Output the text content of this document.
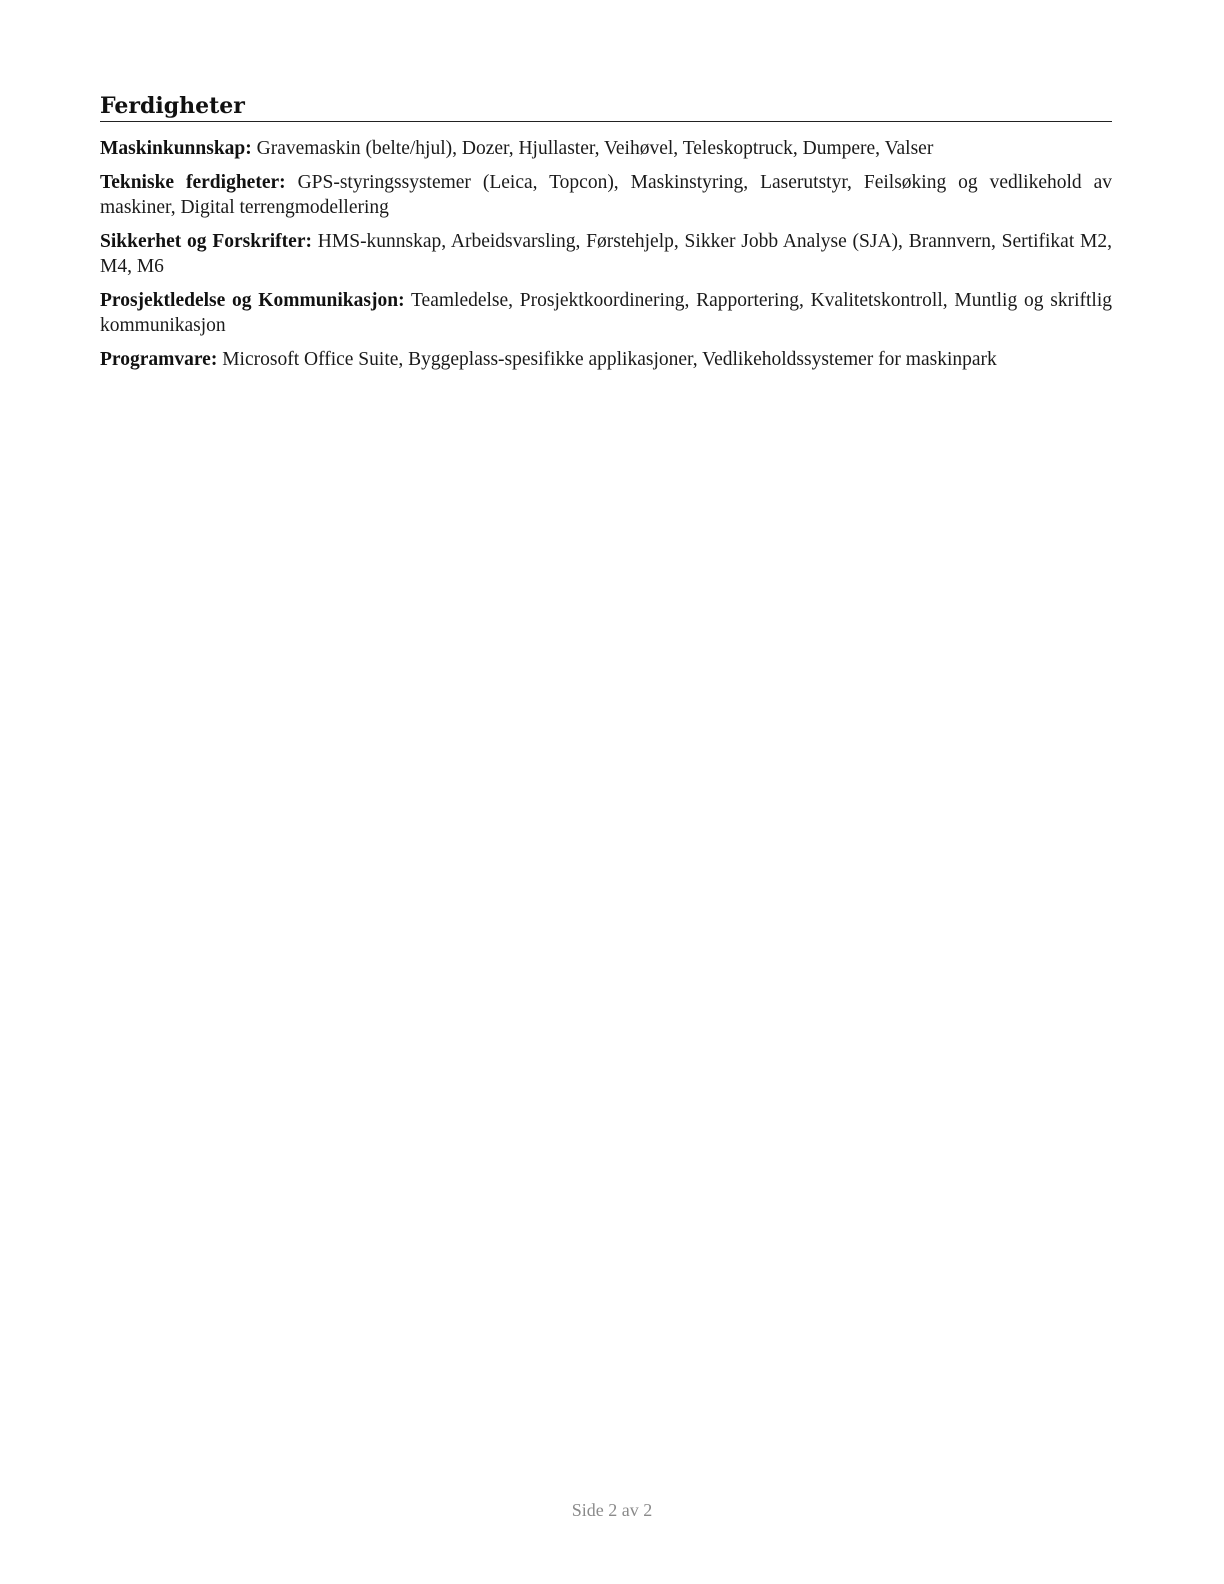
Ferdigheter

Maskinkunnskap: Gravemaskin (belte/hjul), Dozer, Hjullaster, Veihøvel, Teleskoptruck, Dumpere, Valser

Tekniske ferdigheter: GPS-styringssystemer (Leica, Topcon), Maskinstyring, Laserutstyr, Feilsøking og vedlikehold av maskiner, Digital terrengmodellering

Sikkerhet og Forskrifter: HMS-kunnskap, Arbeidsvarsling, Førstehjelp, Sikker Jobb Analyse (SJA), Brannvern, Sertifikat M2, M4, M6

Prosjektledelse og Kommunikasjon: Teamledelse, Prosjektkoordinering, Rapportering, Kvalitetskontroll, Muntlig og skriftlig kommunikasjon

Programvare: Microsoft Office Suite, Byggeplass-spesifikke applikasjoner, Vedlikeholdssystemer for maskinpark

Side 2 av 2
